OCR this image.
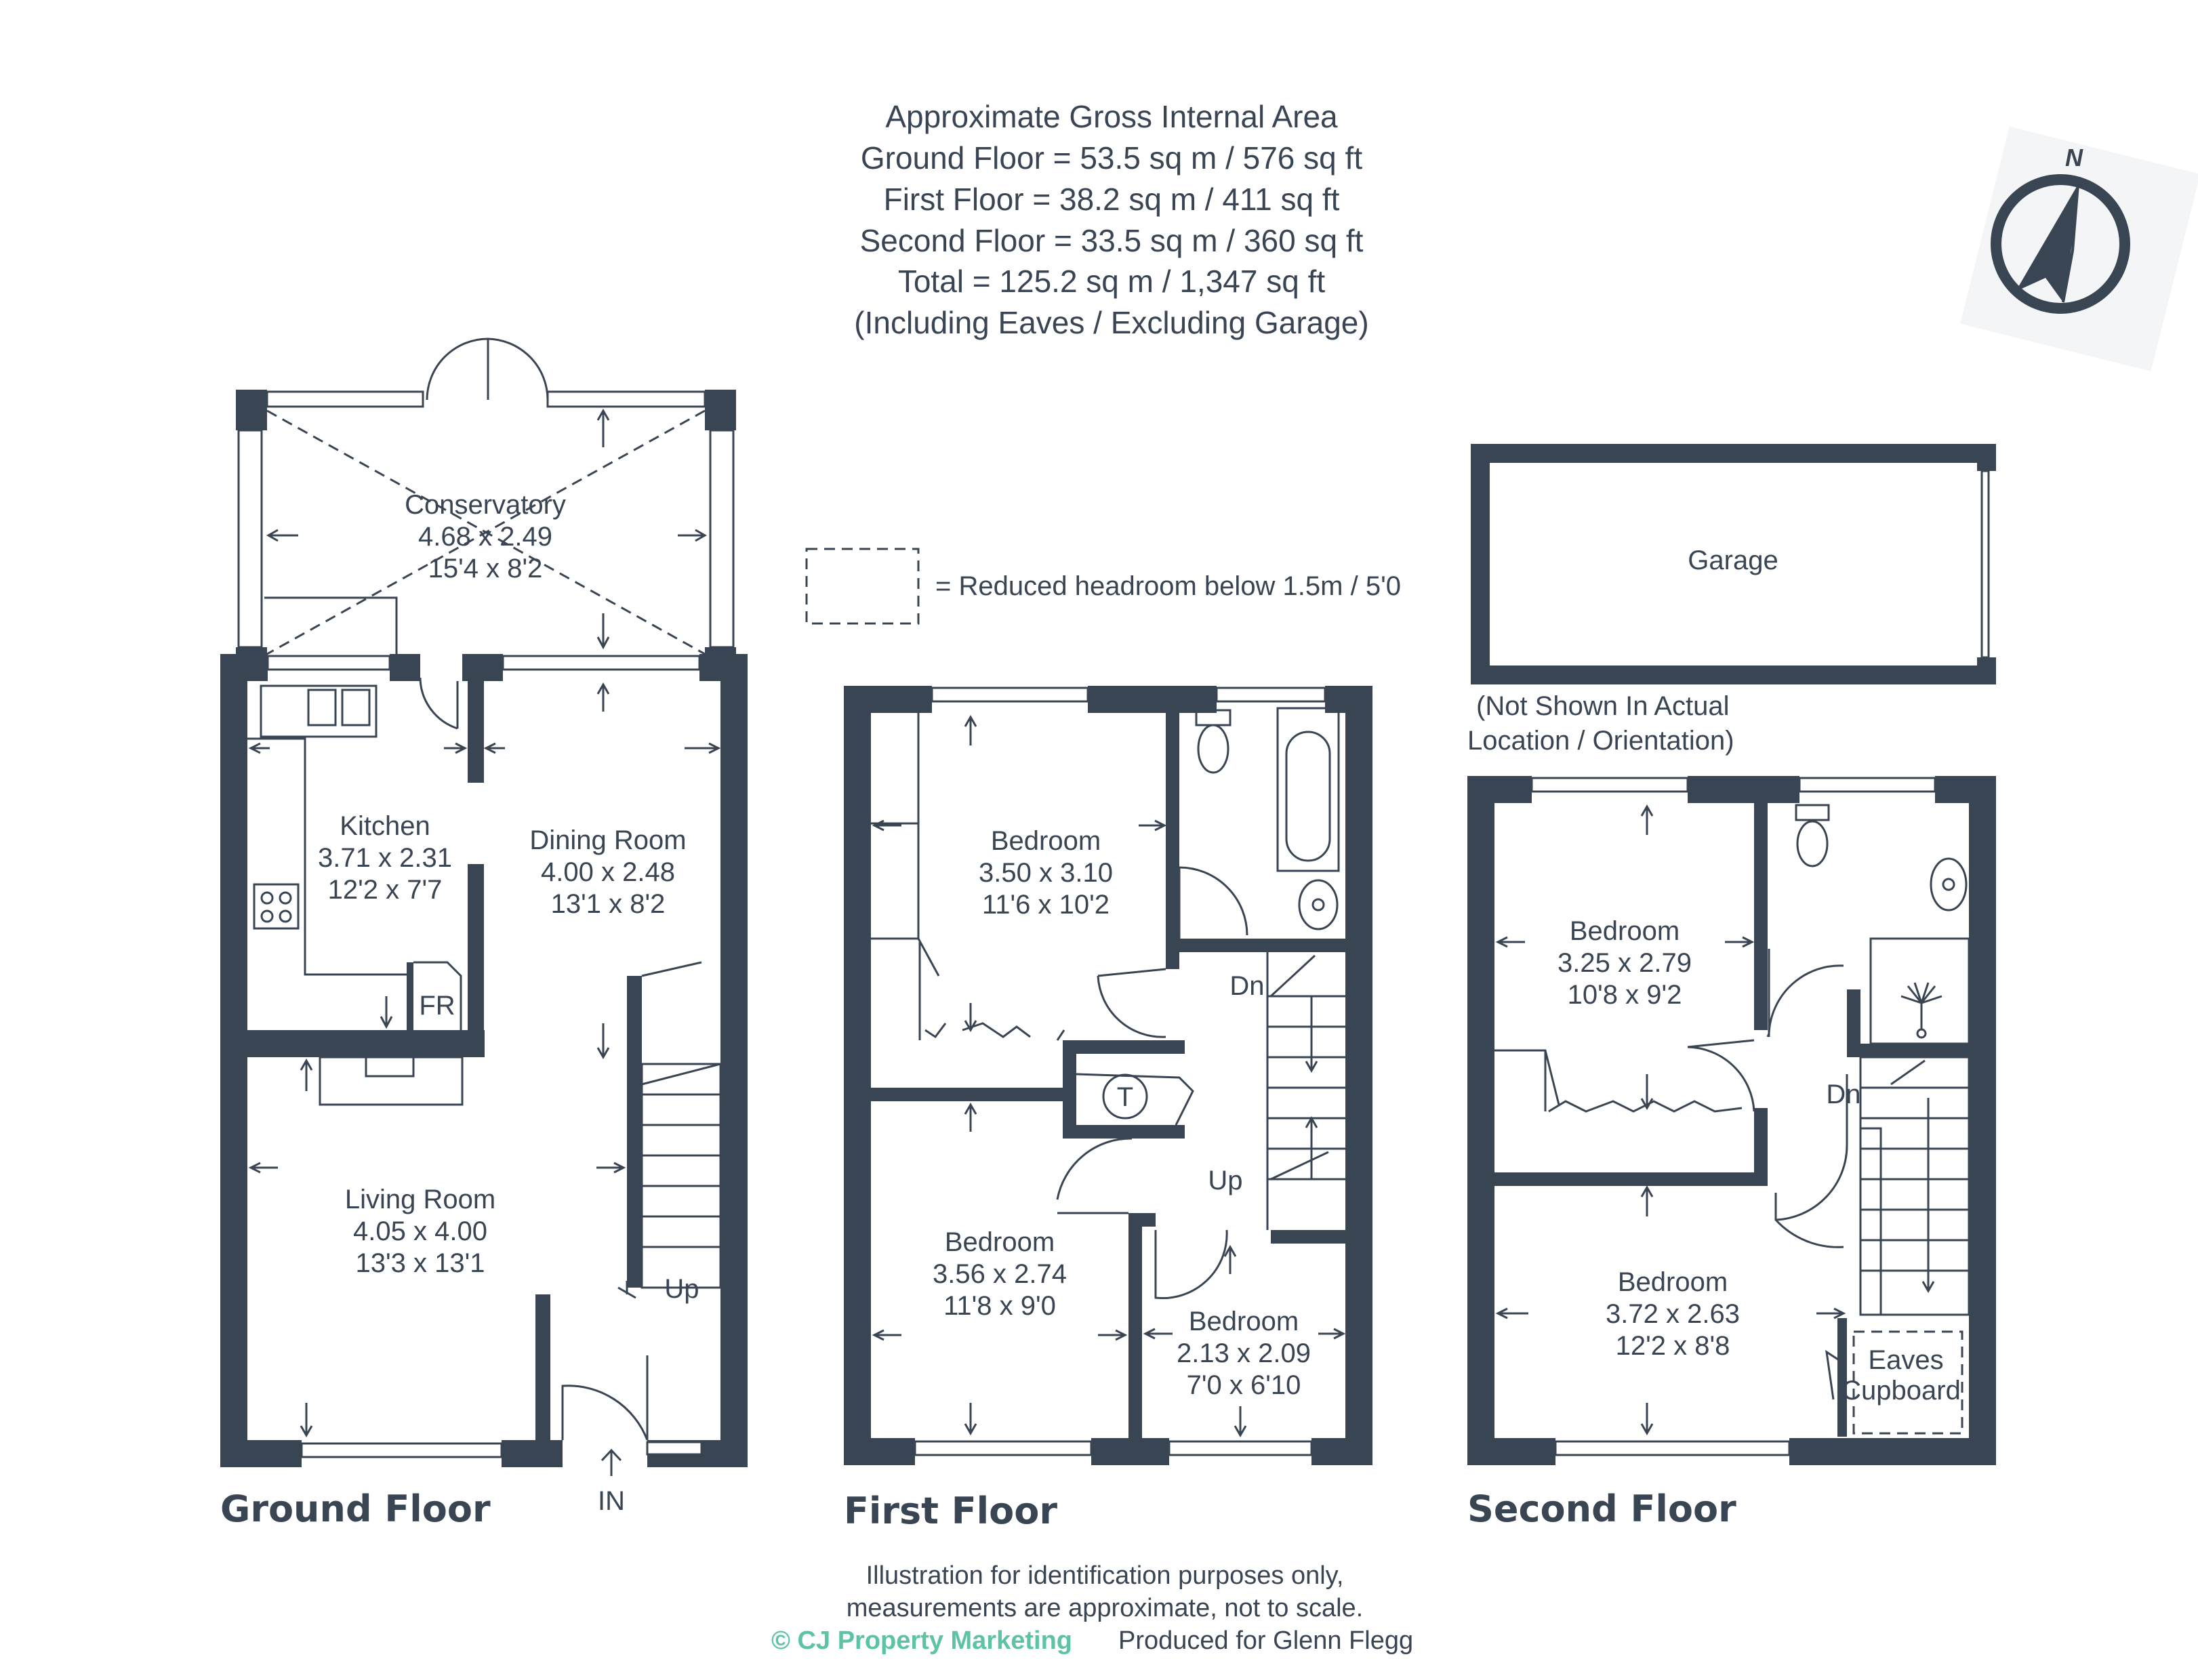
Approximate Gross Internal Area
Ground Floor = 53.5 sq m / 576 sq ft
First Floor = 38.2 sq m / 411 sq ft
Second Floor = 33.5 sq m / 360 sq ft
Total = 125.2 sq m / 1,347 sq ft
(Including Eaves / Excluding Garage)
N
= Reduced headroom below 1.5m / 5'0
Garage
(Not Shown In Actual
Location / Orientation)
FR
Up
IN
Conservatory
4.68 x 2.49
15'4 x 8'2
Kitchen
3.71 x 2.31
12'2 x 7'7
Dining Room
4.00 x 2.48
13'1 x 8'2
Living Room
4.05 x 4.00
13'3 x 13'1
Ground Floor
T
Dn
Up
Bedroom
3.50 x 3.10
11'6 x 10'2
Bedroom
3.56 x 2.74
11'8 x 9'0
Bedroom
2.13 x 2.09
7'0 x 6'10
First Floor
Dn
Eaves
Cupboard
Bedroom
3.25 x 2.79
10'8 x 9'2
Bedroom
3.72 x 2.63
12'2 x 8'8
Second Floor
Illustration for identification purposes only,
measurements are approximate, not to scale.
© CJ Property Marketing Produced for Glenn Flegg
